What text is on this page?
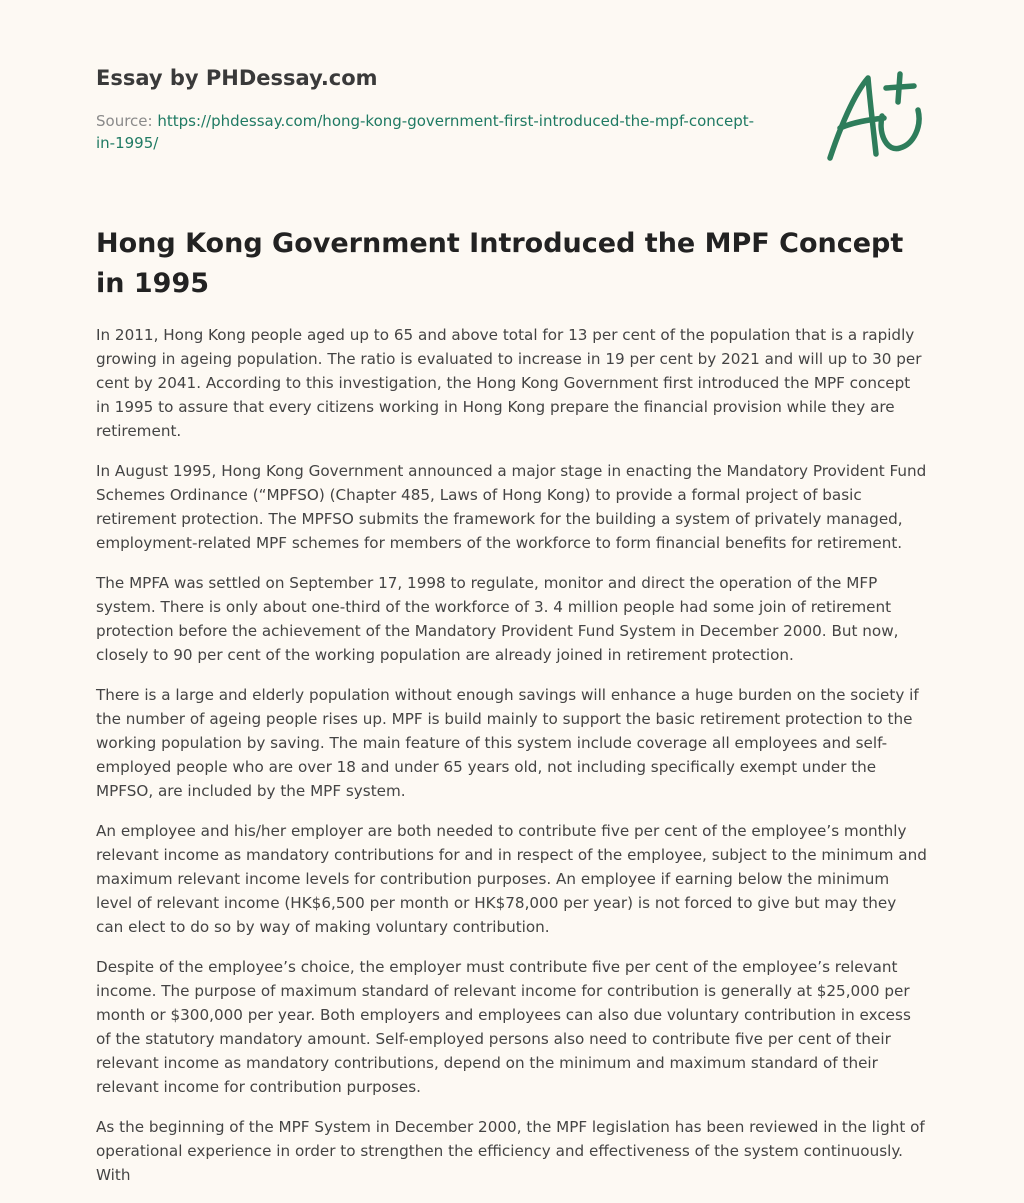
Essay by PHDessay.com
Source: https://phdessay.com/hong-kong-government-first-introduced-the-mpf-concept-in-1995/
Hong Kong Government Introduced the MPF Concept in 1995

In 2011, Hong Kong people aged up to 65 and above total for 13 per cent of the population that is a rapidly growing in ageing population. The ratio is evaluated to increase in 19 per cent by 2021 and will up to 30 per cent by 2041. According to this investigation, the Hong Kong Government first introduced the MPF concept in 1995 to assure that every citizens working in Hong Kong prepare the financial provision while they are retirement.

In August 1995, Hong Kong Government announced a major stage in enacting the Mandatory Provident Fund Schemes Ordinance (“MPFSO) (Chapter 485, Laws of Hong Kong) to provide a formal project of basic retirement protection. The MPFSO submits the framework for the building a system of privately managed, employment-related MPF schemes for members of the workforce to form financial benefits for retirement.

The MPFA was settled on September 17, 1998 to regulate, monitor and direct the operation of the MFP system. There is only about one-third of the workforce of 3. 4 million people had some join of retirement protection before the achievement of the Mandatory Provident Fund System in December 2000. But now, closely to 90 per cent of the working population are already joined in retirement protection.

There is a large and elderly population without enough savings will enhance a huge burden on the society if the number of ageing people rises up. MPF is build mainly to support the basic retirement protection to the working population by saving. The main feature of this system include coverage all employees and self-employed people who are over 18 and under 65 years old, not including specifically exempt under the MPFSO, are included by the MPF system.

An employee and his/her employer are both needed to contribute five per cent of the employee’s monthly relevant income as mandatory contributions for and in respect of the employee, subject to the minimum and maximum relevant income levels for contribution purposes. An employee if earning below the minimum level of relevant income (HK$6,500 per month or HK$78,000 per year) is not forced to give but may they can elect to do so by way of making voluntary contribution.

Despite of the employee’s choice, the employer must contribute five per cent of the employee’s relevant income. The purpose of maximum standard of relevant income for contribution is generally at $25,000 per month or $300,000 per year. Both employers and employees can also due voluntary contribution in excess of the statutory mandatory amount. Self-employed persons also need to contribute five per cent of their relevant income as mandatory contributions, depend on the minimum and maximum standard of their relevant income for contribution purposes.

As the beginning of the MPF System in December 2000, the MPF legislation has been reviewed in the light of operational experience in order to strengthen the efficiency and effectiveness of the system continuously. With
